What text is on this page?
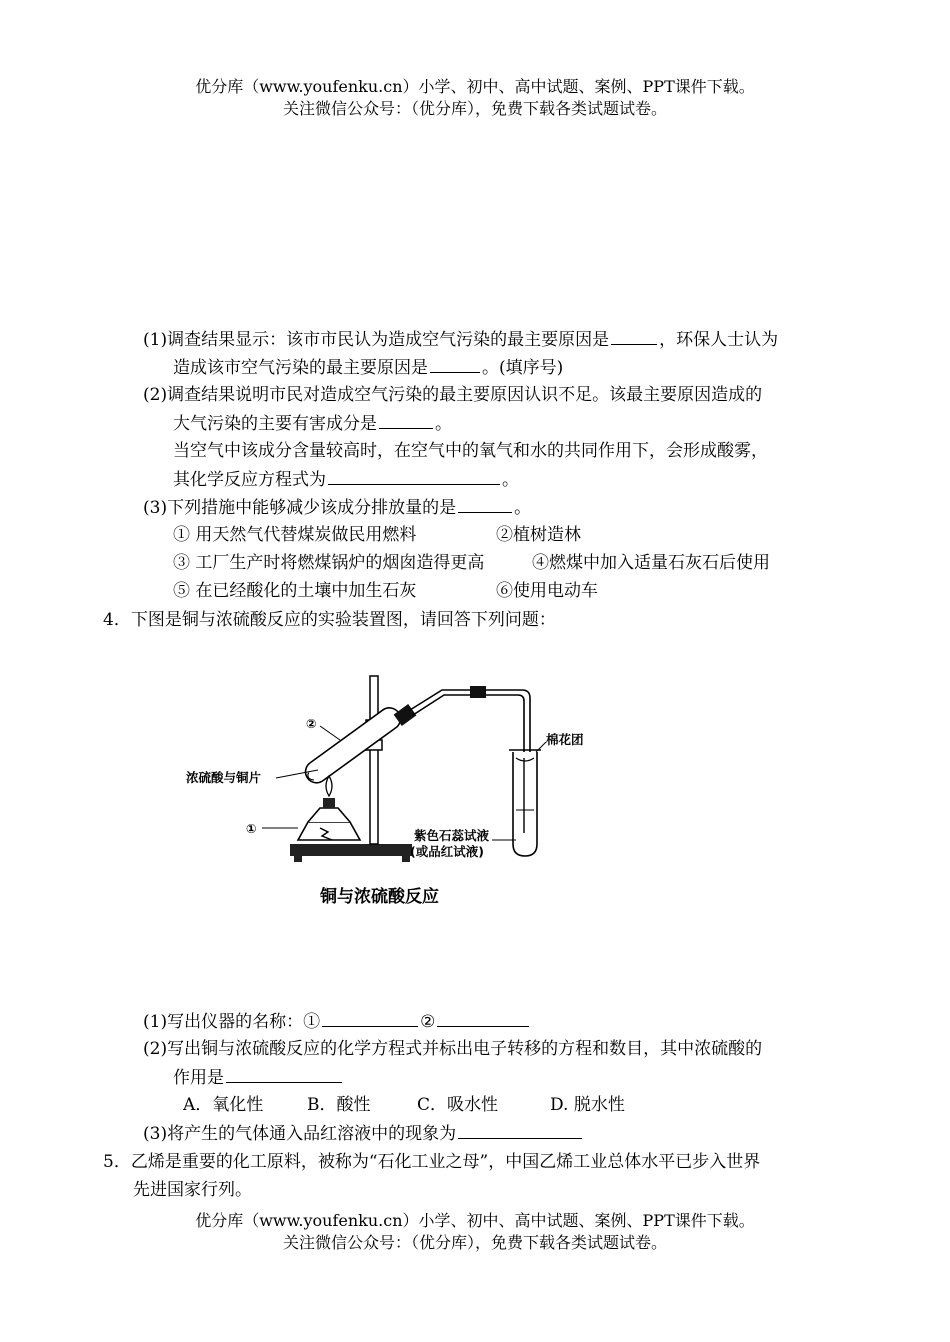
优分库（www.youfenku.cn）小学、初中、高中试题、案例、PPT课件下载。
关注微信公众号：（优分库），免费下载各类试题试卷。
(1)调查结果显示：该市市民认为造成空气污染的最主要原因是	，环保人士认为
造成该市空气污染的最主要原因是	。(填序号)
(2)调查结果说明市民对造成空气污染的最主要原因认识不足。该最主要原因造成的
大气污染的主要有害成分是	。
当空气中该成分含量较高时，在空气中的氧气和水的共同作用下，会形成酸雾，
其化学反应方程式为	。
(3)下列措施中能够减少该成分排放量的是	。
① 用天然气代替煤炭做民用燃料	②植树造林
③ 工厂生产时将燃煤锅炉的烟囱造得更高	④燃煤中加入适量石灰石后使用
⑤ 在已经酸化的土壤中加生石灰	⑥使用电动车
4．下图是铜与浓硫酸反应的实验装置图，请回答下列问题：
②
浓硫酸与铜片
①
棉花团
紫色石蕊试液
(或品红试液)
铜与浓硫酸反应
(1)写出仪器的名称：①	②
(2)写出铜与浓硫酸反应的化学方程式并标出电子转移的方程和数目，其中浓硫酸的
作用是
A．氧化性	B．酸性	C．吸水性	D. 脱水性
(3)将产生的气体通入品红溶液中的现象为
5．乙烯是重要的化工原料，被称为“石化工业之母”，中国乙烯工业总体水平已步入世界
先进国家行列。
优分库（www.youfenku.cn）小学、初中、高中试题、案例、PPT课件下载。
关注微信公众号：（优分库），免费下载各类试题试卷。
